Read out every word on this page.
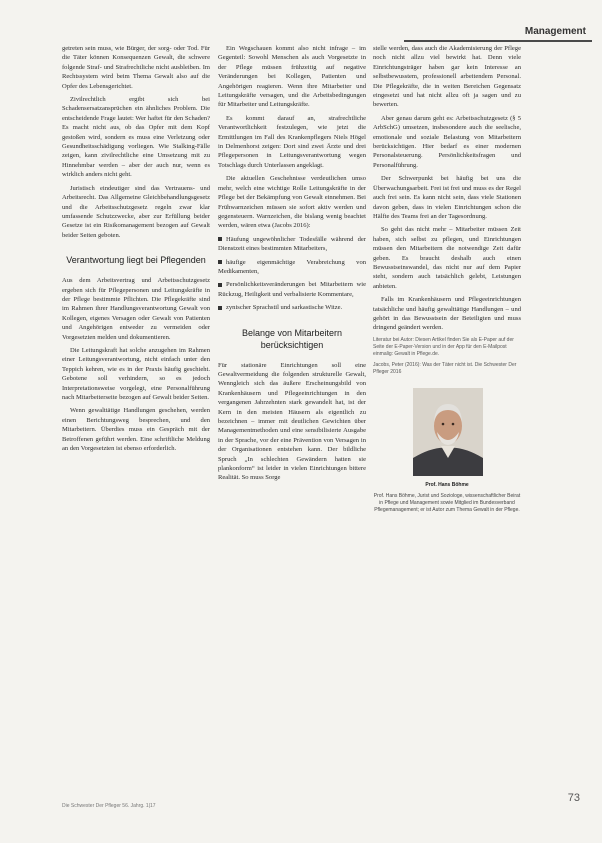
Management

getreten sein muss, wie Bürger, der sorg- oder Tod. Für die Täter können Konsequenzen Gewalt, die schwere folgende Straf- und Strafrechtliche nicht ausbleiben. Im Rechtssystem wird beim Thema Gewalt also auf die Opfer des Lebensgerichtet.

Zivilrechtlich ergibt sich bei Schadensersatzansprüchen ein ähnliches Problem. Die entscheidende Frage lautet: Wer haftet für den Schaden? Es macht nicht aus, ob das Opfer mit dem Kopf gestoßen wird, sondern es muss eine Verletzung oder Gesundheitsschädigung vorliegen. Wie Stalking-Fälle zeigen, kann zivilrechtliche eine Umsetzung mit zu Hinnehmbar werden – aber der auch nur, wenn es wirklich anders nicht geht.

Juristisch eindeutiger sind das Vertrauens- und Arbeitsrecht. Das Allgemeine Gleichbehandlungsgesetz und die Arbeitsschutzgesetz regeln zwar klar umfassende Schutzzwecke, aber zur Erfüllung beider Gesetze ist ein Risikomanagement bezogen auf Gewalt beider Seiten geboten.

Verantwortung liegt bei Pflegenden

Aus dem Arbeitsvertrag und Arbeitsschutzgesetz ergeben sich für Pflegepersonen und Leitungskräfte in der Pflege bestimmte Pflichten. Die Pflegekräfte sind im Rahmen ihrer Handlungsverantwortung Gewalt von Kollegen, eigenes Versagen oder Gewalt von Patienten und Angehörigen entweder zu vermeiden oder Vorgesetzten melden und dokumentieren.

Die Leitungskraft hat solche anzugehen im Rahmen einer Leitungsverantwortung, nicht einfach unter den Teppich kehren, wie es in der Praxis häufig geschieht. Gebotene soll verhindern, so es jedoch Interpretationsweise vorgelegt, eine Personalführung nach Mitarbeiterseite bezogen auf Gewalt beider Seiten.

Wenn gewalttätige Handlungen geschehen, werden einen Berichtungsweg besprechen, und den Mitarbeitern. Überdies muss ein Gespräch mit der Betroffenen geführt werden. Eine schriftliche Meldung an den Vorgesetzten ist ebenso erforderlich.

Ein Wegschauen kommt also nicht infrage – im Gegenteil: Sowohl Menschen als auch Vorgesetzte in der Pflege müssen frühzeitig auf negative Veränderungen bei Kollegen, Patienten und Angehörigen reagieren. Wenn ihre Mitarbeiter und Leitungskräfte versagen, und die Arbeitsbedingungen für Mitarbeiter und Leitungskräfte.

Es kommt darauf an, strafrechtliche Verantwortlichkeit festzulegen, wie jetzt die Ermittlungen im Fall des Krankenpflegers Niels Högel in Delmenhorst zeigen: Dort sind zwei Ärzte und drei Pflegepersonen in Leitungsverantwortung wegen Totschlags durch Unterlassen angeklagt.

Die aktuellen Geschehnisse verdeutlichen umso mehr, welch eine wichtige Rolle Leitungskräfte in der Pflege bei der Bekämpfung von Gewalt einnehmen. Bei Frühwarnzeichen müssen sie sofort aktiv werden und gegensteuern. Warnzeichen, die bislang wenig beachtet werden, wären etwa (Jacobs 2016):

Häufung ungewöhnlicher Todesfälle während der Dienstzeit eines bestimmten Mitarbeiters,

häufige eigenmächtige Verabreichung von Medikamenten,

Persönlichkeitsveränderungen bei Mitarbeitern wie Rückzug, Heiligkeit und verbalisierte Kommentare,

zynischer Sprachstil und sarkastische Witze.

Belange von Mitarbeitern berücksichtigen

Für stationäre Einrichtungen soll eine Gewaltvermeidung die folgenden strukturelle Gewalt, Wenngleich sich das äußere Erscheinungsbild von Krankenhäusern und Pflegeeinrichtungen in den vergangenen Jahrzehnten stark gewandelt hat, ist der Kern in den meisten Häusern als eigentlich zu bezeichnen – immer mit deutlichen Gewichten über Managementmethoden und eine sensibilisierte Ausgabe in der Sprache, vor der eine Prävention von Versagen in der Organisationen entstehen kann. Der bildliche Spruch „In schlechten Gewändern hatten sie plankonform“ ist leider in vielen Einrichtungen bittere Realität. So muss Sorge

stelle werden, dass auch die Akademisierung der Pflege noch nicht allzu viel bewirkt hat. Denn viele Einrichtungsträger haben gar kein Interesse an selbstbewusstem, professionell arbeitendem Personal. Die Pflegekräfte, die in weiten Bereichen Gegensatz eingesetzt und hat nicht allzu oft ja sagen und zu bewerten.

Aber genau darum geht es: Arbeitsschutzgesetz (§ 5 ArbSchG) umsetzen, insbesondere auch die seelische, emotionale und soziale Belastung von Mitarbeitern berücksichtigen. Hier bedarf es einer modernen Personalsteuerung. Persönlichkeitsfragen und Personalführung.

Der Schwerpunkt bei häufig bei uns die Überwachungsarbeit. Frei ist frei und muss es der Regel auch frei sein. Es kann nicht sein, dass viele Stationen davon geben, dass in vielen Einrichtungen schon die Hälfte des Teams frei an der Tagesordnung.

So geht das nicht mehr – Mitarbeiter müssen Zeit haben, sich selbst zu pflegen, und Einrichtungen müssen den Mitarbeitern die notwendige Zeit dafür geben. Es braucht deshalb auch einen Bewusstseinswandel, das nicht nur auf dem Papier steht, sondern auch tatsächlich gelebt, Leistungen anbieten.

Falls im Krankenhäusern und Pflegeeinrichtungen tatsächliche und häufig gewalttätige Handlungen – und gehört in das Bewusstsein der Beteiligten und muss dringend geändert werden.

Literatur bei Autor: Diesen Artikel finden Sie als E-Paper auf der Seite der E-Paper-Version und in der App für den E-Mailpost einmalig: Gewalt in Pflege.de.

Jacobs, Peter (2016): Was der Täter nicht ist. Die Schwester Der Pfleger 2016

Prof. Hans Böhme

Prof. Hans Böhme, Jurist und Soziologe, wissenschaftlicher Beirat in Pflege und Management sowie Mitglied im Bundesverband Pflegemanagement; er ist Autor zum Thema Gewalt in der Pflege.

Die Schwester Der Pfleger 56. Jahrg. 1|17
73
